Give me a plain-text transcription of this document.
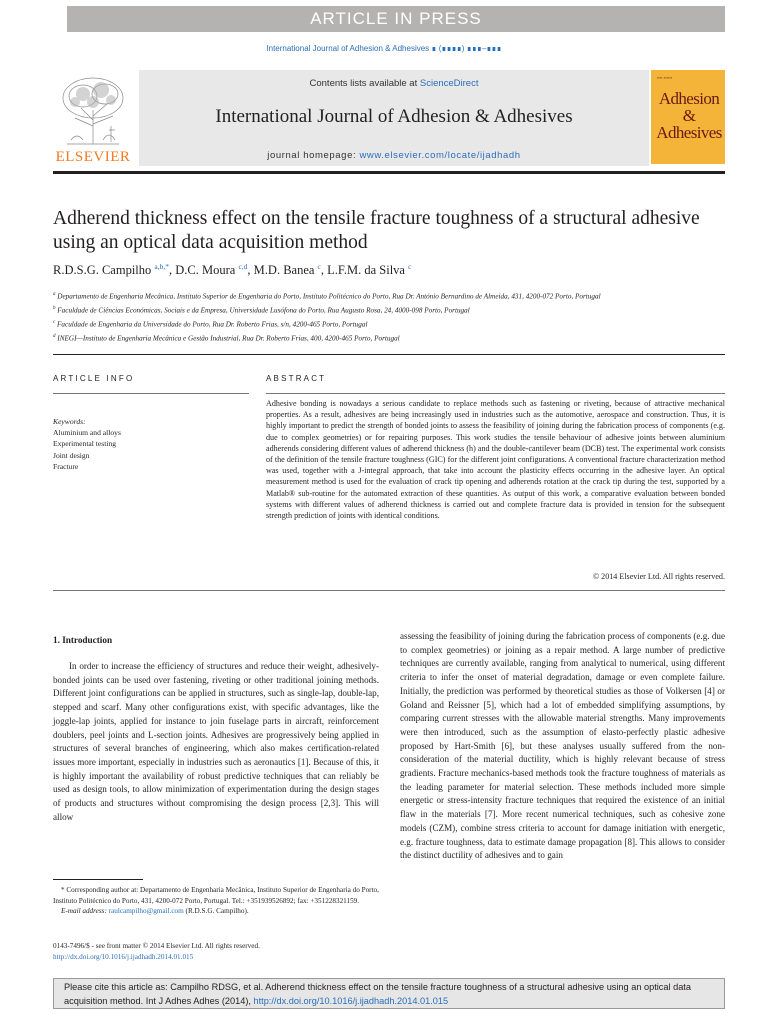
ARTICLE IN PRESS
International Journal of Adhesion & Adhesives ∎ (∎∎∎∎) ∎∎∎–∎∎∎
ELSEVIER
Contents lists available at ScienceDirect
International Journal of Adhesion & Adhesives
journal homepage: www.elsevier.com/locate/ijadhadh
▪▪▪▪ ▪▪▪▪▪▪
Adhesion & Adhesives
Adherend thickness effect on the tensile fracture toughness of a structural adhesive using an optical data acquisition method
R.D.S.G. Campilho $^{a,b,*}$, D.C. Moura $^{c,d}$, M.D. Banea $^c$, L.F.M. da Silva $^c$
$^a$ Departamento de Engenharia Mecânica, Instituto Superior de Engenharia do Porto, Instituto Politécnico do Porto, Rua Dr. António Bernardino de Almeida, 431, 4200-072 Porto, Portugal
$^b$ Faculdade de Ciências Económicas, Sociais e da Empresa, Universidade Lusófona do Porto, Rua Augusto Rosa, 24, 4000-098 Porto, Portugal
$^c$ Faculdade de Engenharia da Universidade do Porto, Rua Dr. Roberto Frias, s/n, 4200-465 Porto, Portugal
$^d$ INEGI—Instituto de Engenharia Mecânica e Gestão Industrial, Rua Dr. Roberto Frias, 400, 4200-465 Porto, Portugal
ARTICLE INFO	ABSTRACT
Keywords:
Aluminium and alloys
Experimental testing
Joint design
Fracture
Adhesive bonding is nowadays a serious candidate to replace methods such as fastening or riveting, because of attractive mechanical properties. As a result, adhesives are being increasingly used in industries such as the automotive, aerospace and construction. Thus, it is highly important to predict the strength of bonded joints to assess the feasibility of joining during the fabrication process of components (e.g. due to complex geometries) or for repairing purposes. This work studies the tensile behaviour of adhesive joints between aluminium adherends considering different values of adherend thickness (h) and the double-cantilever beam (DCB) test. The experimental work consists of the definition of the tensile fracture toughness (GIC) for the different joint configurations. A conventional fracture characterization method was used, together with a J-integral approach, that take into account the plasticity effects occurring in the adhesive layer. An optical measurement method is used for the evaluation of crack tip opening and adherends rotation at the crack tip during the test, supported by a Matlab® sub-routine for the automated extraction of these quantities. As output of this work, a comparative evaluation between bonded systems with different values of adherend thickness is carried out and complete fracture data is provided in tension for the subsequent strength prediction of joints with identical conditions.
© 2014 Elsevier Ltd. All rights reserved.
1. Introduction

In order to increase the efficiency of structures and reduce their weight, adhesively-bonded joints can be used over fastening, riveting or other traditional joining methods. Different joint configurations can be applied in structures, such as single-lap, double-lap, stepped and scarf. Many other configurations exist, with specific advantages, like the joggle-lap joints, applied for instance to join fuselage parts in aircraft, reinforcement doublers, peel joints and L-section joints. Adhesives are progressively being applied in structures of several branches of engineering, which also makes certification-related issues more important, especially in industries such as aeronautics [1]. Because of this, it is highly important the availability of robust predictive techniques that can reliably be used as design tools, to allow minimization of experimentation during the design stages of products and structures without compromising the design process [2,3]. This will allow

assessing the feasibility of joining during the fabrication process of components (e.g. due to complex geometries) or joining as a repair method. A large number of predictive techniques are currently available, ranging from analytical to numerical, using different criteria to infer the onset of material degradation, damage or even complete failure. Initially, the prediction was performed by theoretical studies as those of Volkersen [4] or Goland and Reissner [5], which had a lot of embedded simplifying assumptions, by comparing current stresses with the allowable material strengths. Many improvements were then introduced, such as the assumption of elasto-perfectly plastic adhesive proposed by Hart-Smith [6], but these analyses usually suffered from the non-consideration of the material ductility, which is highly relevant because of stress gradients. Fracture mechanics-based methods took the fracture toughness of materials as the leading parameter for material selection. These methods included more simple energetic or stress-intensity fracture techniques that required the existence of an initial flaw in the materials [7]. More recent numerical techniques, such as cohesive zone models (CZM), combine stress criteria to account for damage initiation with energetic, e.g. fracture toughness, data to estimate damage propagation [8]. This allows to consider the distinct ductility of adhesives and to gain

* Corresponding author at: Departamento de Engenharia Mecânica, Instituto Superior de Engenharia do Porto, Instituto Politécnico do Porto, 431, 4200-072 Porto, Portugal. Tel.: +351939526892; fax: +351228321159.
E-mail address: raulcampilho@gmail.com (R.D.S.G. Campilho).
0143-7496/$ - see front matter © 2014 Elsevier Ltd. All rights reserved.
http://dx.doi.org/10.1016/j.ijadhadh.2014.01.015
Please cite this article as: Campilho RDSG, et al. Adherend thickness effect on the tensile fracture toughness of a structural adhesive using an optical data acquisition method. Int J Adhes Adhes (2014), http://dx.doi.org/10.1016/j.ijadhadh.2014.01.015
